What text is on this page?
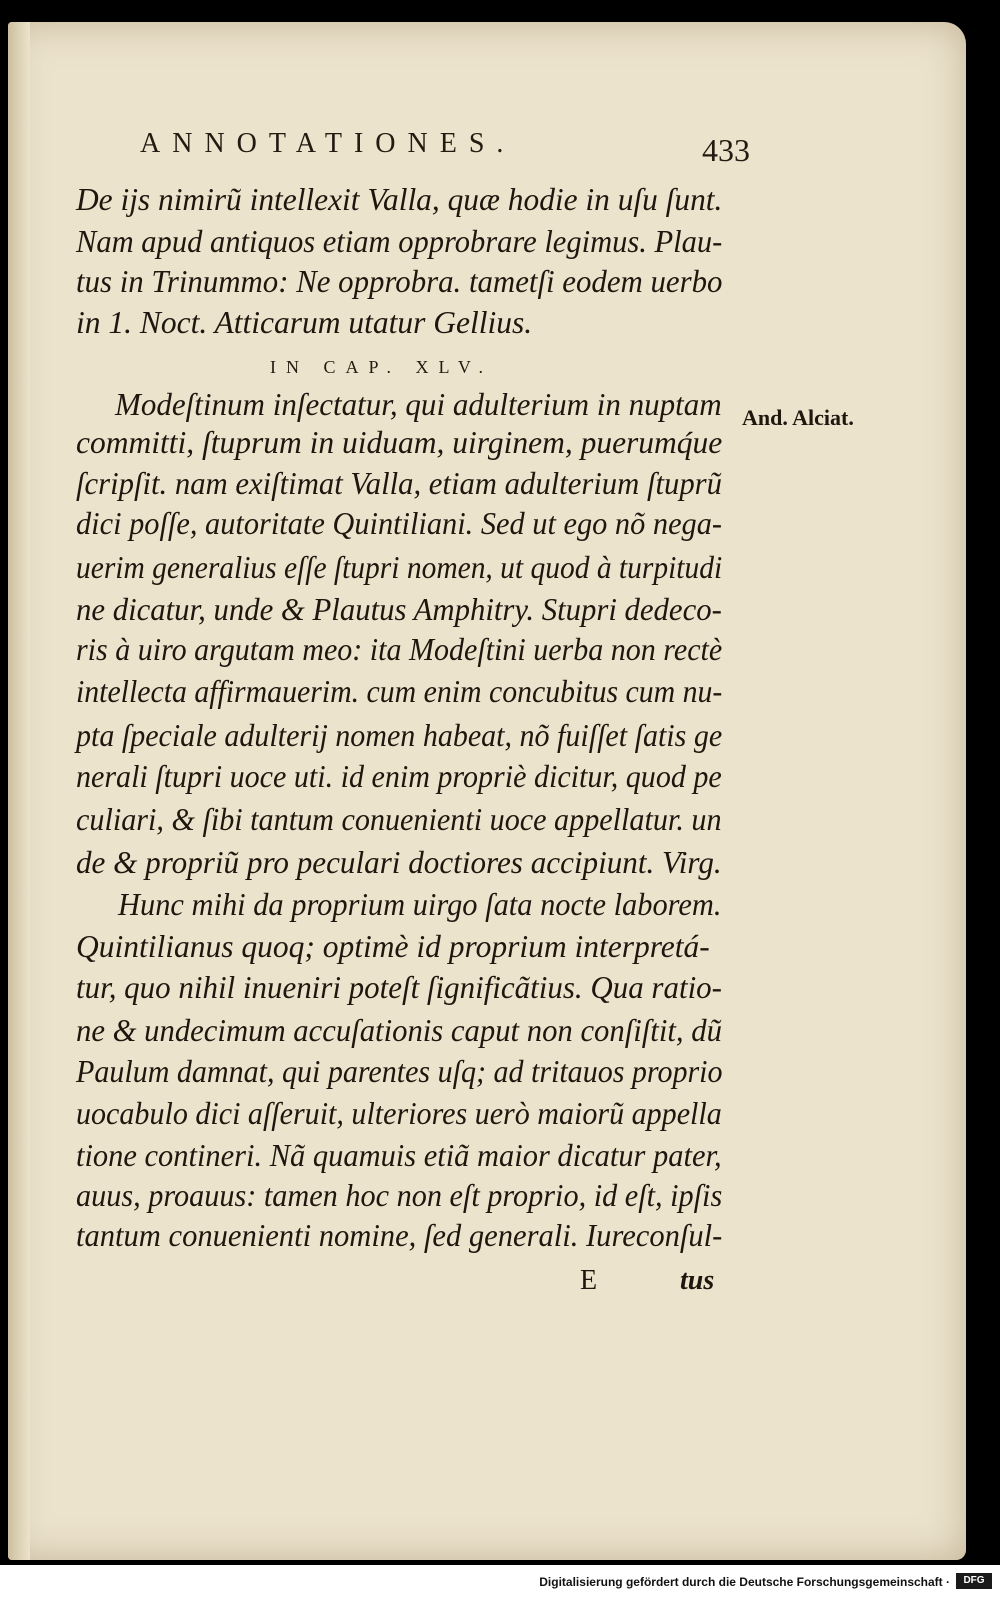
ANNOTATIONES.	433
De ijs nimirũ intellexit Valla, quæ hodie in uſu ſunt.
Nam apud antiquos etiam opprobrare legimus. Plau-
tus in Trinummo: Ne opprobra. tametſi eodem uerbo
in 1. Noct. Atticarum utatur Gellius.
IN CAP. XLV.
Modeſtinum inſectatur, qui adulterium in nuptam
committi, ſtuprum in uiduam, uirginem, puerumq́ue
ſcripſit. nam exiſtimat Valla, etiam adulterium ſtuprũ
dici poſſe, autoritate Quintiliani. Sed ut ego nõ nega-
uerim generalius eſſe ſtupri nomen, ut quod à turpitudi
ne dicatur, unde & Plautus Amphitry. Stupri dedeco-
ris à uiro argutam meo: ita Modeſtini uerba non rectè
intellecta affirmauerim. cum enim concubitus cum nu-
pta ſpeciale adulterij nomen habeat, nõ fuiſſet ſatis ge
nerali ſtupri uoce uti. id enim propriè dicitur, quod pe
culiari, & ſibi tantum conuenienti uoce appellatur. un
de & propriũ pro peculari doctiores accipiunt. Virg.
Hunc mihi da proprium uirgo ſata nocte laborem.
Quintilianus quoq; optimè id proprium interpretá-
tur, quo nihil inueniri poteſt ſignificãtius. Qua ratio-
ne & undecimum accuſationis caput non conſiſtit, dũ
Paulum damnat, qui parentes uſq; ad tritauos proprio
uocabulo dici aſſeruit, ulteriores uerò maiorũ appella
tione contineri. Nã quamuis etiã maior dicatur pater,
auus, proauus: tamen hoc non eſt proprio, id eſt, ipſis
tantum conuenienti nomine, ſed generali. Iureconſul-
And. Alciat.
E	tus
Digitalisierung gefördert durch die Deutsche Forschungsgemeinschaft ·	DFG
